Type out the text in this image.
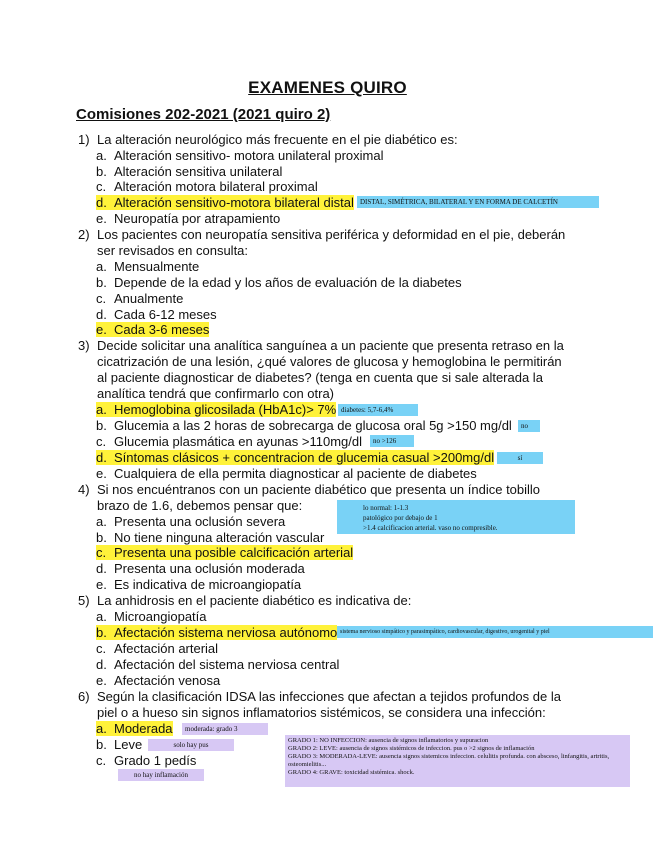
EXAMENES QUIRO
Comisiones 202-2021 (2021 quiro 2)
1) La alteración neurológico más frecuente en el pie diabético es:
a. Alteración sensitivo- motora unilateral proximal
b. Alteración sensitiva unilateral
c. Alteración motora bilateral proximal
d. Alteración sensitivo-motora bilateral distal
e. Neuropatía por atrapamiento
DISTAL, SIMÉTRICA, BILATERAL Y EN FORMA DE CALCETÍN
2) Los pacientes con neuropatía sensitiva periférica y deformidad en el pie, deberán ser revisados en consulta:
a. Mensualmente
b. Depende de la edad y los años de evaluación de la diabetes
c. Anualmente
d. Cada 6-12 meses
e. Cada 3-6 meses
3) Decide solicitar una analítica sanguínea a un paciente que presenta retraso en la cicatrización de una lesión, ¿qué valores de glucosa y hemoglobina le permitirán al paciente diagnosticar de diabetes? (tenga en cuenta que si sale alterada la analítica tendrá que confirmarlo con otra)
a. Hemoglobina glicosilada (HbA1c)> 7%
b. Glucemia a las 2 horas de sobrecarga de glucosa oral 5g >150 mg/dl
c. Glucemia plasmática en ayunas >110mg/dl
d. Síntomas clásicos + concentracion de glucemia casual >200mg/dl
e. Cualquiera de ella permita diagnosticar al paciente de diabetes
diabetes: 5,7-6,4%
no
no >126
sí
4) Si nos encuéntranos con un paciente diabético que presenta un índice tobillo brazo de 1.6, debemos pensar que:
a. Presenta una oclusión severa
b. No tiene ninguna alteración vascular
c. Presenta una posible calcificación arterial
d. Presenta una oclusión moderada
e. Es indicativa de microangiopatía
lo normal: 1-1.3
patológico por debajo de 1
>1.4 calcificacion arterial. vaso no compresible.
5) La anhidrosis en el paciente diabético es indicativa de:
a. Microangiopatía
b. Afectación sistema nerviosa autónomo
c. Afectación arterial
d. Afectación del sistema nerviosa central
e. Afectación venosa
sistema nervioso simpático y parasimpático, cardiovascular, digestivo, urogenital y piel
6) Según la clasificación IDSA las infecciones que afectan a tejidos profundos de la piel o a hueso sin signos inflamatorios sistémicos, se considera una infección:
a. Moderada
b. Leve
c. Grado 1 pedís
moderada: grado 3
solo hay pus
no hay inflamación
GRADO 1: NO INFECCION: ausencia de signos inflamatorios y supuracion
GRADO 2: LEVE: ausencia de signos sistémicos de infeccion. pus o >2 signos de inflamación
GRADO 3: MODERADA-LEVE: ausencia signos sistemicos infeccion. celulitis profunda. con absceso, linfangitis, artritis, osteomielitis...
GRADO 4: GRAVE: toxicidad sistémica. shock.
